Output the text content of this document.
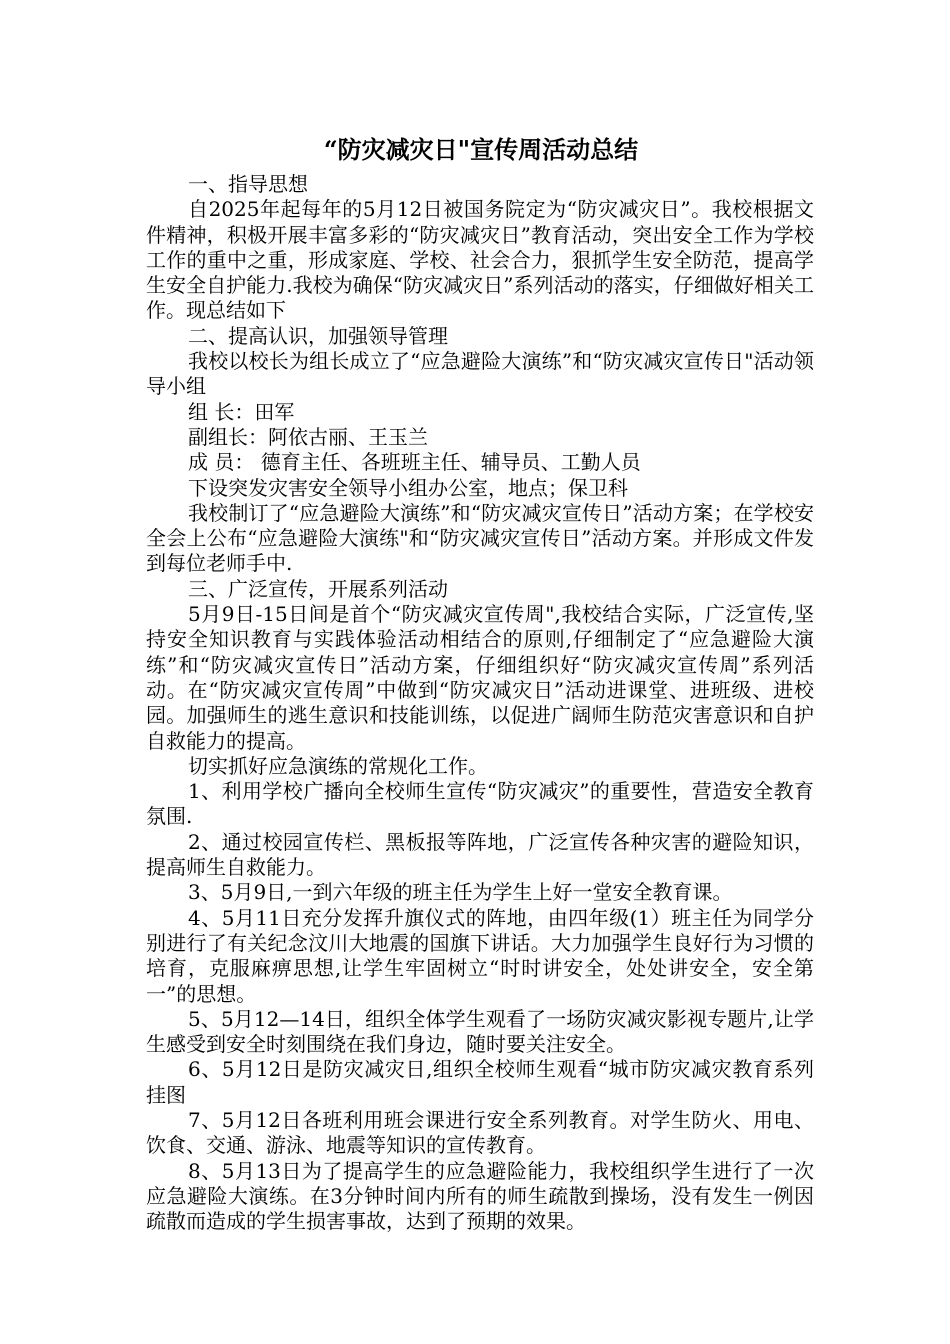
“防灾减灾日"宣传周活动总结

一、指导思想

自2025年起每年的5月12日被国务院定为“防灾减灾日”。我校根据文件精神，积极开展丰富多彩的“防灾减灾日”教育活动，突出安全工作为学校工作的重中之重，形成家庭、学校、社会合力，狠抓学生安全防范，提高学生安全自护能力.我校为确保“防灾减灾日”系列活动的落实，仔细做好相关工作。现总结如下

二、提高认识，加强领导管理

我校以校长为组长成立了“应急避险大演练”和“防灾减灾宣传日"活动领导小组

组 长：田军

副组长：阿依古丽、王玉兰

成 员： 德育主任、各班班主任、辅导员、工勤人员

下设突发灾害安全领导小组办公室，地点；保卫科

我校制订了“应急避险大演练”和“防灾减灾宣传日”活动方案；在学校安全会上公布“应急避险大演练"和“防灾减灾宣传日”活动方案。并形成文件发到每位老师手中.

三、广泛宣传，开展系列活动

5月9日-15日间是首个“防灾减灾宣传周",我校结合实际，广泛宣传,坚持安全知识教育与实践体验活动相结合的原则,仔细制定了“应急避险大演练”和“防灾减灾宣传日”活动方案，仔细组织好“防灾减灾宣传周”系列活动。在“防灾减灾宣传周”中做到“防灾减灾日”活动进课堂、进班级、进校园。加强师生的逃生意识和技能训练，以促进广阔师生防范灾害意识和自护自救能力的提高。

切实抓好应急演练的常规化工作。

1、利用学校广播向全校师生宣传“防灾减灾”的重要性，营造安全教育氛围.

2、通过校园宣传栏、黑板报等阵地，广泛宣传各种灾害的避险知识，提高师生自救能力。

3、5月9日,一到六年级的班主任为学生上好一堂安全教育课。

4、5月11日充分发挥升旗仪式的阵地，由四年级(1）班主任为同学分别进行了有关纪念汶川大地震的国旗下讲话。大力加强学生良好行为习惯的培育，克服麻痹思想,让学生牢固树立“时时讲安全，处处讲安全，安全第一”的思想。

5、5月12—14日，组织全体学生观看了一场防灾减灾影视专题片,让学生感受到安全时刻围绕在我们身边，随时要关注安全。

6、5月12日是防灾减灾日,组织全校师生观看“城市防灾减灾教育系列挂图

7、5月12日各班利用班会课进行安全系列教育。对学生防火、用电、饮食、交通、游泳、地震等知识的宣传教育。

8、5月13日为了提高学生的应急避险能力，我校组织学生进行了一次应急避险大演练。在3分钟时间内所有的师生疏散到操场，没有发生一例因疏散而造成的学生损害事故，达到了预期的效果。
